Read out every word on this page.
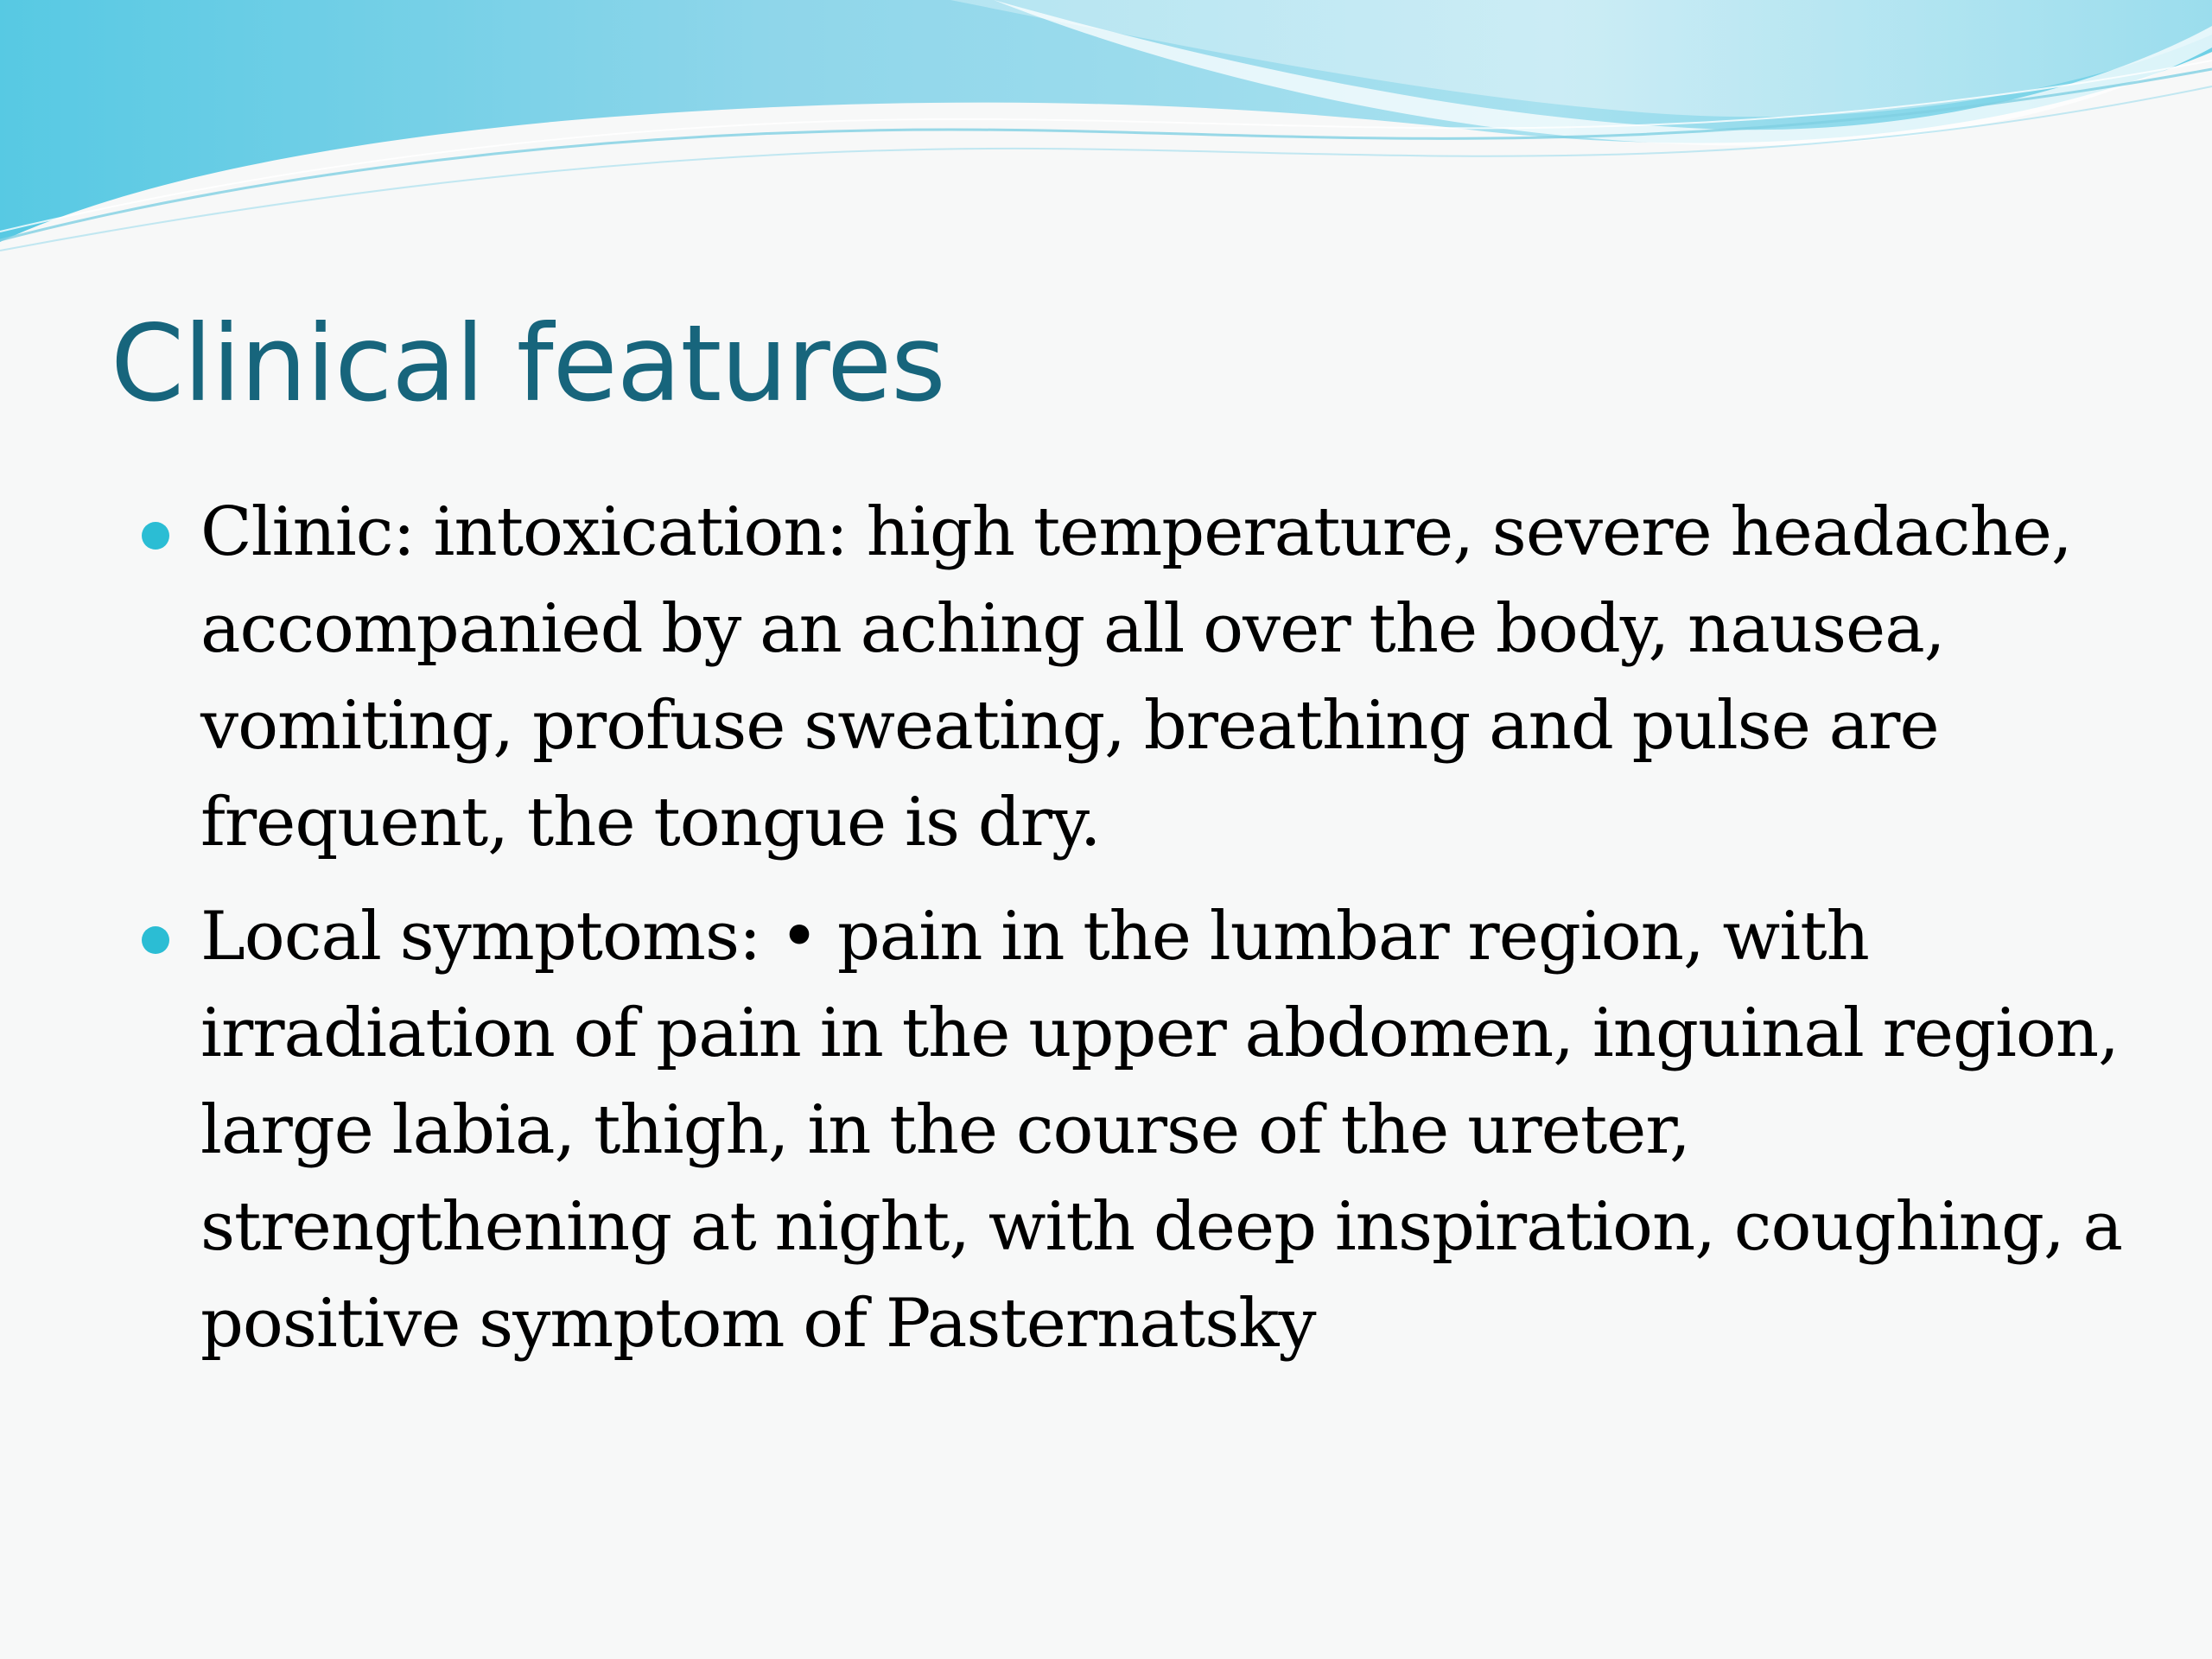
Clinical features
Clinic: intoxication: high temperature, severe headache, accompanied by an aching all over the body, nausea, vomiting, profuse sweating, breathing and pulse are frequent, the tongue is dry.
Local symptoms: • pain in the lumbar region, with irradiation of pain in the upper abdomen, inguinal region, large labia, thigh, in the course of the ureter, strengthening at night, with deep inspiration, coughing, a positive symptom of Pasternatsky
